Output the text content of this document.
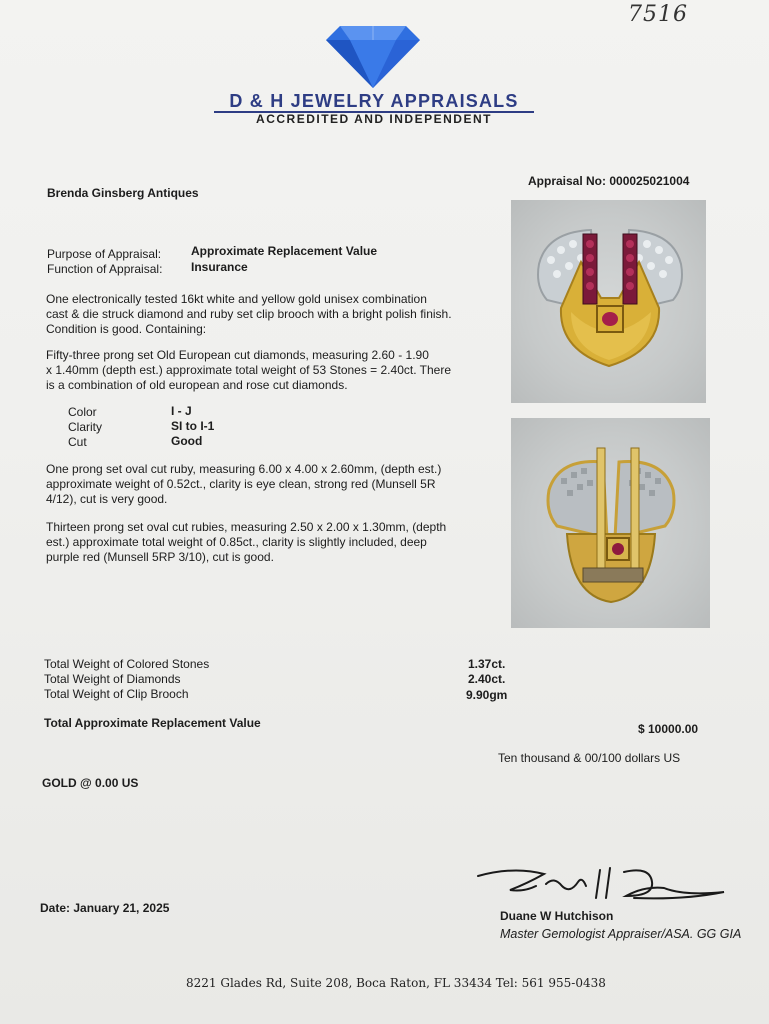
7516
D & H JEWELRY APPRAISALS
ACCREDITED AND INDEPENDENT
Brenda Ginsberg Antiques
Appraisal No: 000025021004
Purpose of Appraisal: Approximate Replacement Value
Function of Appraisal: Insurance
One electronically tested 16kt white and yellow gold unisex combination
cast & die struck diamond and ruby set clip brooch with a bright polish finish.
Condition is good. Containing:
Fifty-three prong set Old European cut diamonds, measuring 2.60 - 1.90
x 1.40mm (depth est.) approximate total weight of 53 Stones = 2.40ct. There
is a combination of old european and rose cut diamonds.
Color	I - J
Clarity	SI to I-1
Cut	Good
One prong set oval cut ruby, measuring 6.00 x 4.00 x 2.60mm, (depth est.)
approximate weight of 0.52ct., clarity is eye clean, strong red (Munsell 5R
4/12), cut is very good.
Thirteen prong set oval cut rubies, measuring 2.50 x 2.00 x 1.30mm, (depth
est.) approximate total weight of 0.85ct., clarity is slightly included, deep
purple red (Munsell 5RP 3/10), cut is good.
Total Weight of Colored Stones	1.37ct.
Total Weight of Diamonds	2.40ct.
Total Weight of Clip Brooch	9.90gm
Total Approximate Replacement Value	$ 10000.00
Ten thousand & 00/100 dollars US
GOLD @ 0.00 US
Date: January 21, 2025
Duane W Hutchison
Master Gemologist Appraiser/ASA. GG GIA
8221 Glades Rd, Suite 208, Boca Raton, FL 33434 Tel: 561 955-0438
